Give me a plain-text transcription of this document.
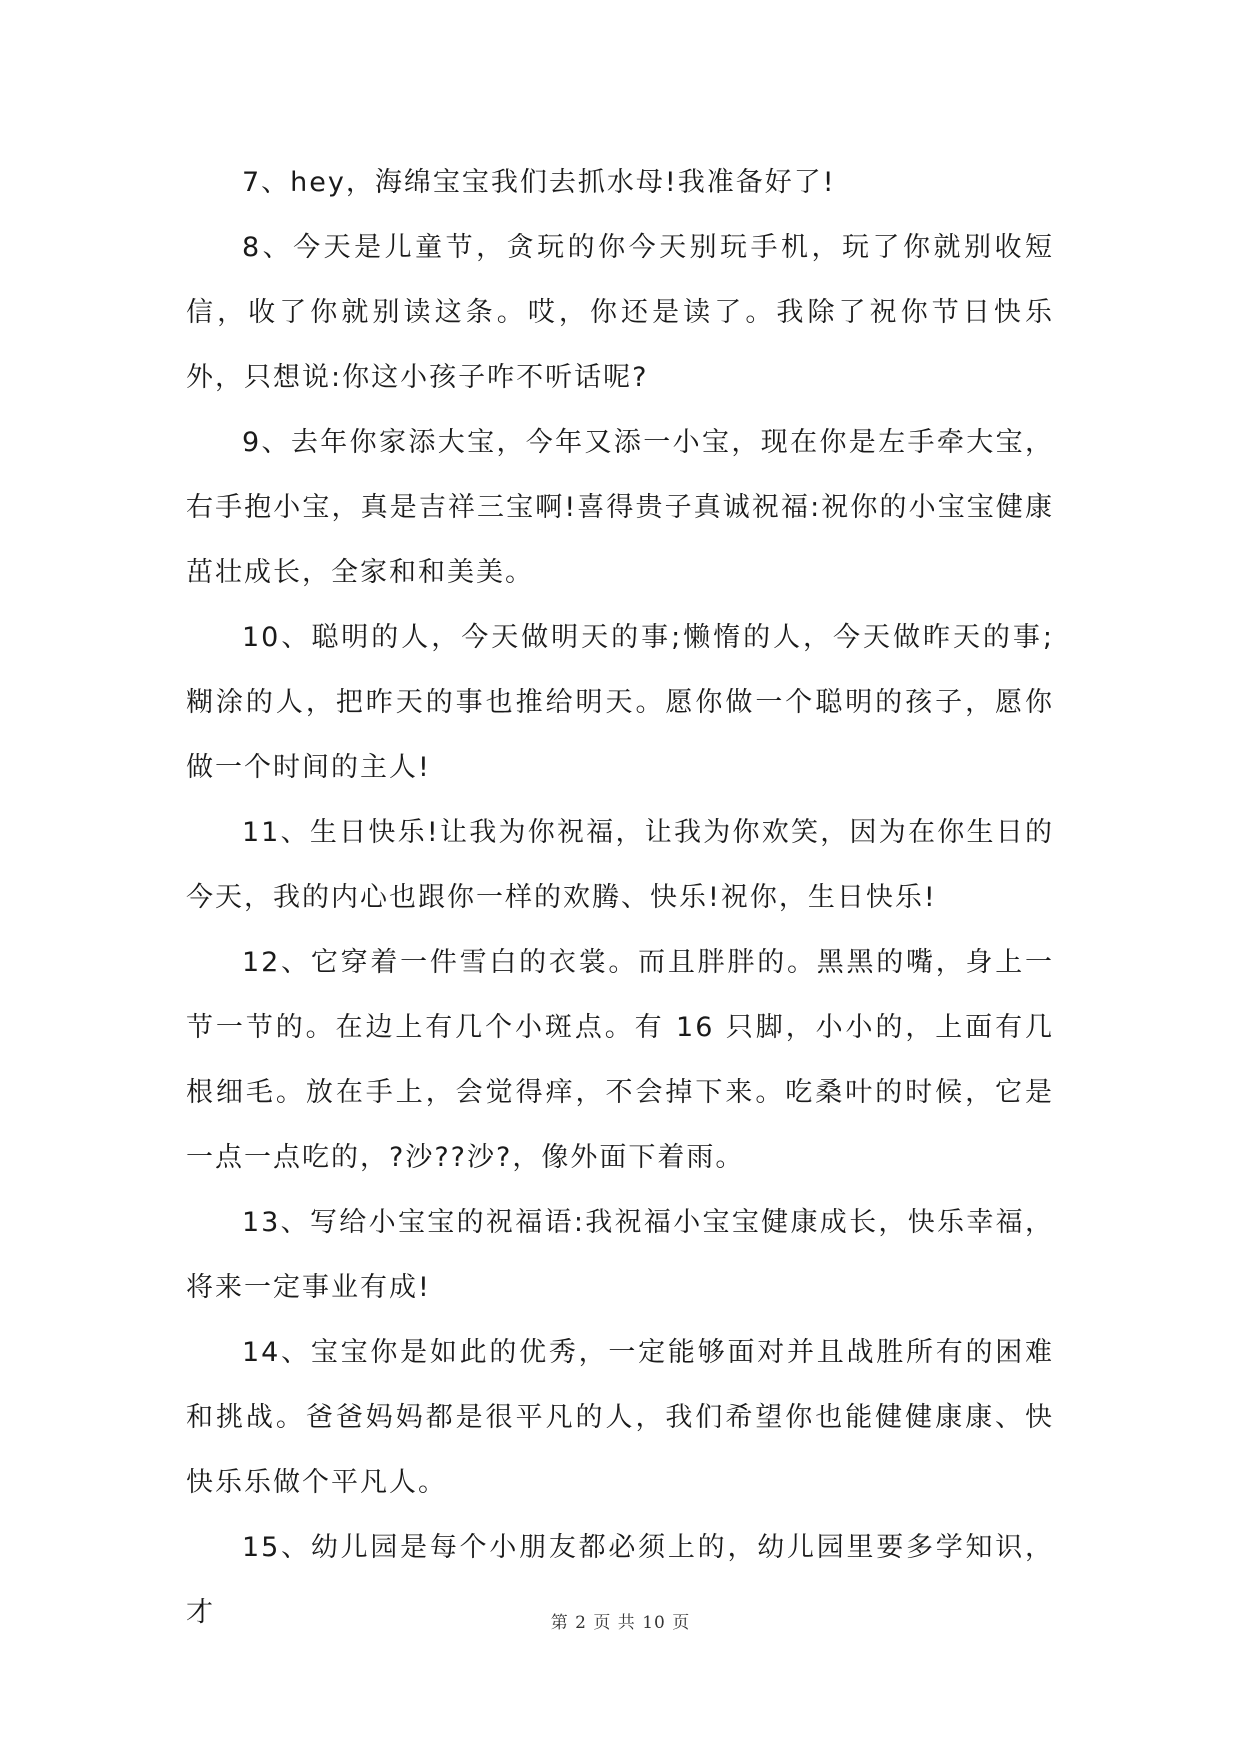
7、hey，海绵宝宝我们去抓水母!我准备好了!

8、今天是儿童节，贪玩的你今天别玩手机，玩了你就别收短信，收了你就别读这条。哎，你还是读了。我除了祝你节日快乐外，只想说:你这小孩子咋不听话呢?

9、去年你家添大宝，今年又添一小宝，现在你是左手牵大宝，右手抱小宝，真是吉祥三宝啊!喜得贵子真诚祝福:祝你的小宝宝健康茁壮成长，全家和和美美。

10、聪明的人，今天做明天的事;懒惰的人，今天做昨天的事;糊涂的人，把昨天的事也推给明天。愿你做一个聪明的孩子，愿你做一个时间的主人!

11、生日快乐!让我为你祝福，让我为你欢笑，因为在你生日的今天，我的内心也跟你一样的欢腾、快乐!祝你，生日快乐!

12、它穿着一件雪白的衣裳。而且胖胖的。黑黑的嘴，身上一节一节的。在边上有几个小斑点。有 16 只脚，小小的，上面有几根细毛。放在手上，会觉得痒，不会掉下来。吃桑叶的时候，它是一点一点吃的，?沙??沙?，像外面下着雨。

13、写给小宝宝的祝福语:我祝福小宝宝健康成长，快乐幸福，将来一定事业有成!

14、宝宝你是如此的优秀，一定能够面对并且战胜所有的困难和挑战。爸爸妈妈都是很平凡的人，我们希望你也能健健康康、快快乐乐做个平凡人。

15、幼儿园是每个小朋友都必须上的，幼儿园里要多学知识，才	第 2 页 共 10 页
